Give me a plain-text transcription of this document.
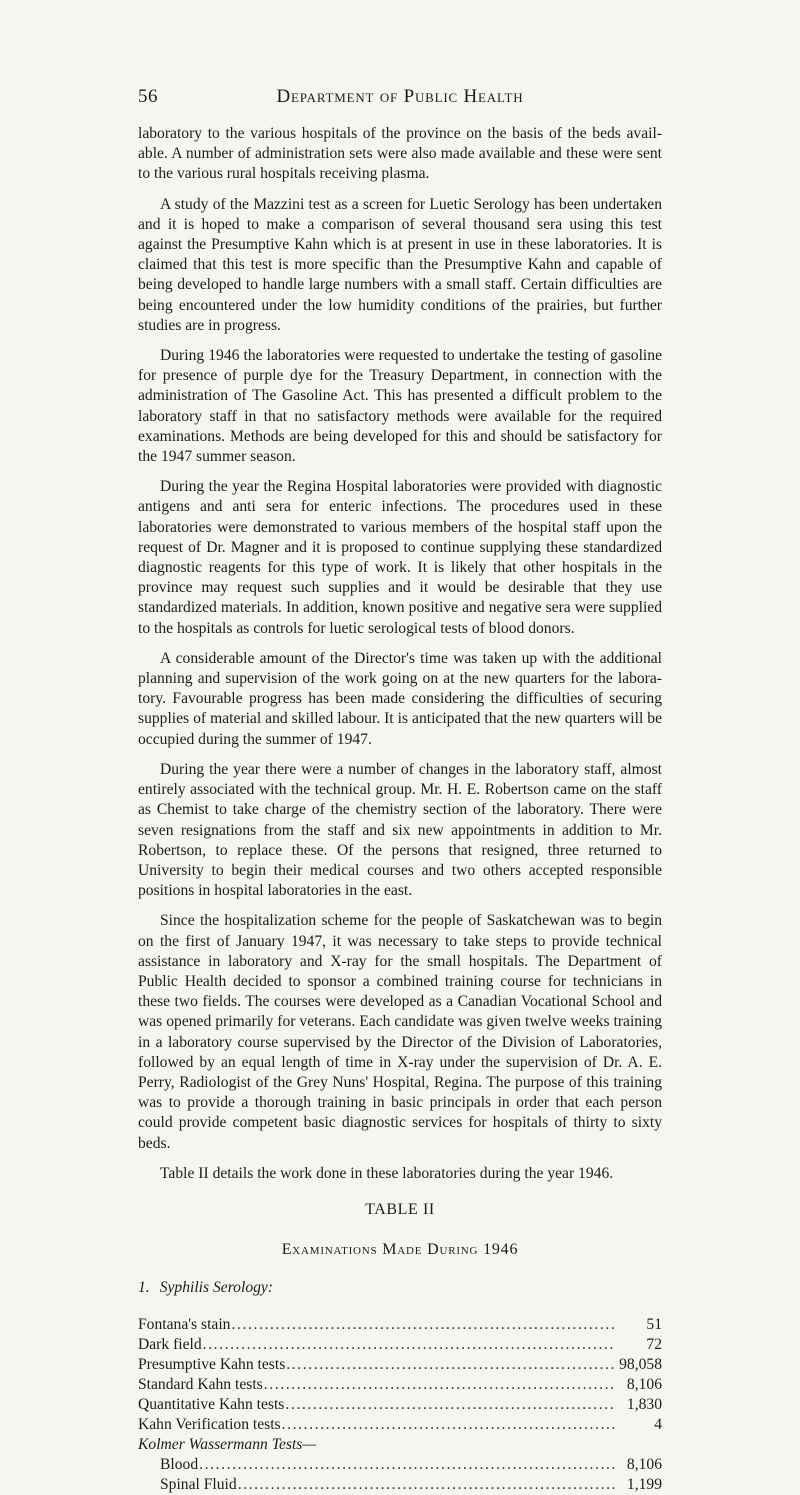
56	Department of Public Health

laboratory to the various hospitals of the province on the basis of the beds available. A number of administration sets were also made available and these were sent to the various rural hospitals receiving plasma.

A study of the Mazzini test as a screen for Luetic Serology has been undertaken and it is hoped to make a comparison of several thousand sera using this test against the Presumptive Kahn which is at present in use in these laboratories. It is claimed that this test is more specific than the Presumptive Kahn and capable of being developed to handle large numbers with a small staff. Certain difficulties are being encountered under the low humidity conditions of the prairies, but further studies are in progress.

During 1946 the laboratories were requested to undertake the testing of gasoline for presence of purple dye for the Treasury Department, in connection with the administration of The Gasoline Act. This has presented a difficult problem to the laboratory staff in that no satisfactory methods were available for the required examinations. Methods are being developed for this and should be satisfactory for the 1947 summer season.

During the year the Regina Hospital laboratories were provided with diagnostic antigens and anti sera for enteric infections. The procedures used in these laboratories were demonstrated to various members of the hospital staff upon the request of Dr. Magner and it is proposed to continue supplying these standardized diagnostic reagents for this type of work. It is likely that other hospitals in the province may request such supplies and it would be desirable that they use standardized materials. In addition, known positive and negative sera were supplied to the hospitals as controls for luetic serological tests of blood donors.

A considerable amount of the Director's time was taken up with the additional planning and supervision of the work going on at the new quarters for the laboratory. Favourable progress has been made considering the difficulties of securing supplies of material and skilled labour. It is anticipated that the new quarters will be occupied during the summer of 1947.

During the year there were a number of changes in the laboratory staff, almost entirely associated with the technical group. Mr. H. E. Robertson came on the staff as Chemist to take charge of the chemistry section of the laboratory. There were seven resignations from the staff and six new appointments in addition to Mr. Robertson, to replace these. Of the persons that resigned, three returned to University to begin their medical courses and two others accepted responsible positions in hospital laboratories in the east.

Since the hospitalization scheme for the people of Saskatchewan was to begin on the first of January 1947, it was necessary to take steps to provide technical assistance in laboratory and X-ray for the small hospitals. The Department of Public Health decided to sponsor a combined training course for technicians in these two fields. The courses were developed as a Canadian Vocational School and was opened primarily for veterans. Each candidate was given twelve weeks training in a laboratory course supervised by the Director of the Division of Laboratories, followed by an equal length of time in X-ray under the supervision of Dr. A. E. Perry, Radiologist of the Grey Nuns' Hospital, Regina. The purpose of this training was to provide a thorough training in basic principals in order that each person could provide competent basic diagnostic services for hospitals of thirty to sixty beds.

Table II details the work done in these laboratories during the year 1946.

TABLE II
Examinations Made During 1946
1. Syphilis Serology:
Fontana's stain .....	51
Dark field .....	72
Presumptive Kahn tests .....	98,058
Standard Kahn tests .....	8,106
Quantitative Kahn tests .....	1,830
Kahn Verification tests .....	4
Kolmer Wassermann Tests—
Blood .....	8,106
Spinal Fluid .....	1,199
